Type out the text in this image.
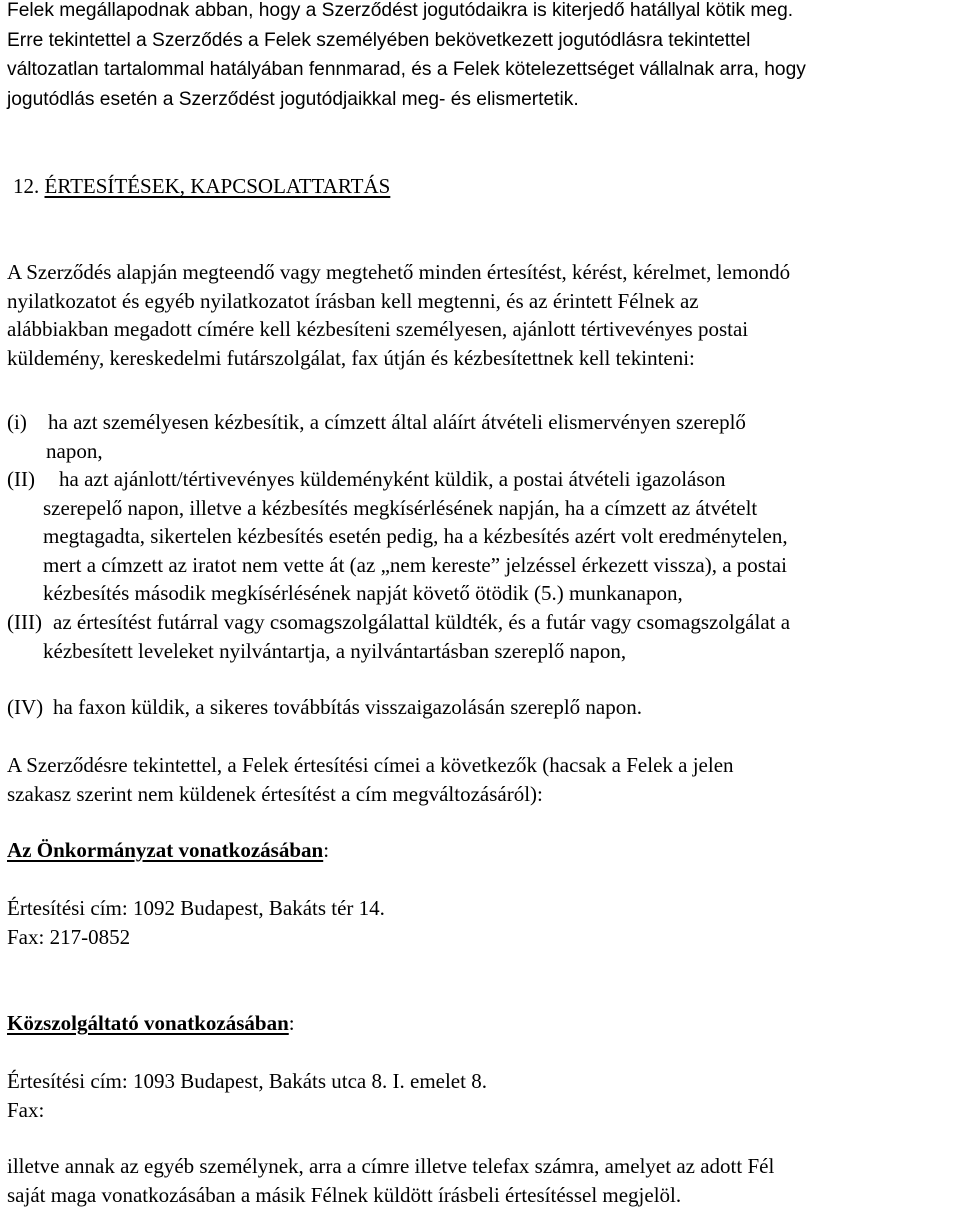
Felek megállapodnak abban, hogy a Szerződést jogutódaikra is kiterjedő hatállyal kötik meg.
Erre tekintettel a Szerződés a Felek személyében bekövetkezett jogutódlásra tekintettel
változatlan tartalommal hatályában fennmarad, és a Felek kötelezettséget vállalnak arra, hogy
jogutódlás esetén a Szerződést jogutódjaikkal meg- és elismertetik.
12. ÉRTESÍTÉSEK, KAPCSOLATTARTÁS
A Szerződés alapján megteendő vagy megtehető minden értesítést, kérést, kérelmet, lemondó
nyilatkozatot és egyéb nyilatkozatot írásban kell megtenni, és az érintett Félnek az
alábbiakban megadott címére kell kézbesíteni személyesen, ajánlott tértivevényes postai
küldemény, kereskedelmi futárszolgálat, fax útján és kézbesítettnek kell tekinteni:
(i) ha azt személyesen kézbesítik, a címzett által aláírt átvételi elismervényen szereplő
napon,
(II) ha azt ajánlott/tértivevényes küldeményként küldik, a postai átvételi igazoláson
szerepelő napon, illetve a kézbesítés megkísérlésének napján, ha a címzett az átvételt
megtagadta, sikertelen kézbesítés esetén pedig, ha a kézbesítés azért volt eredménytelen,
mert a címzett az iratot nem vette át (az „nem kereste” jelzéssel érkezett vissza), a postai
kézbesítés második megkísérlésének napját követő ötödik (5.) munkanapon,
(III) az értesítést futárral vagy csomagszolgálattal küldték, és a futár vagy csomagszolgálat a
kézbesített leveleket nyilvántartja, a nyilvántartásban szereplő napon,
(IV) ha faxon küldik, a sikeres továbbítás visszaigazolásán szereplő napon.
A Szerződésre tekintettel, a Felek értesítési címei a következők (hacsak a Felek a jelen
szakasz szerint nem küldenek értesítést a cím megváltozásáról):
Az Önkormányzat vonatkozásában:
Értesítési cím: 1092 Budapest, Bakáts tér 14.
Fax: 217-0852
Közszolgáltató vonatkozásában:
Értesítési cím: 1093 Budapest, Bakáts utca 8. I. emelet 8.
Fax:
illetve annak az egyéb személynek, arra a címre illetve telefax számra, amelyet az adott Fél
saját maga vonatkozásában a másik Félnek küldött írásbeli értesítéssel megjelöl.
